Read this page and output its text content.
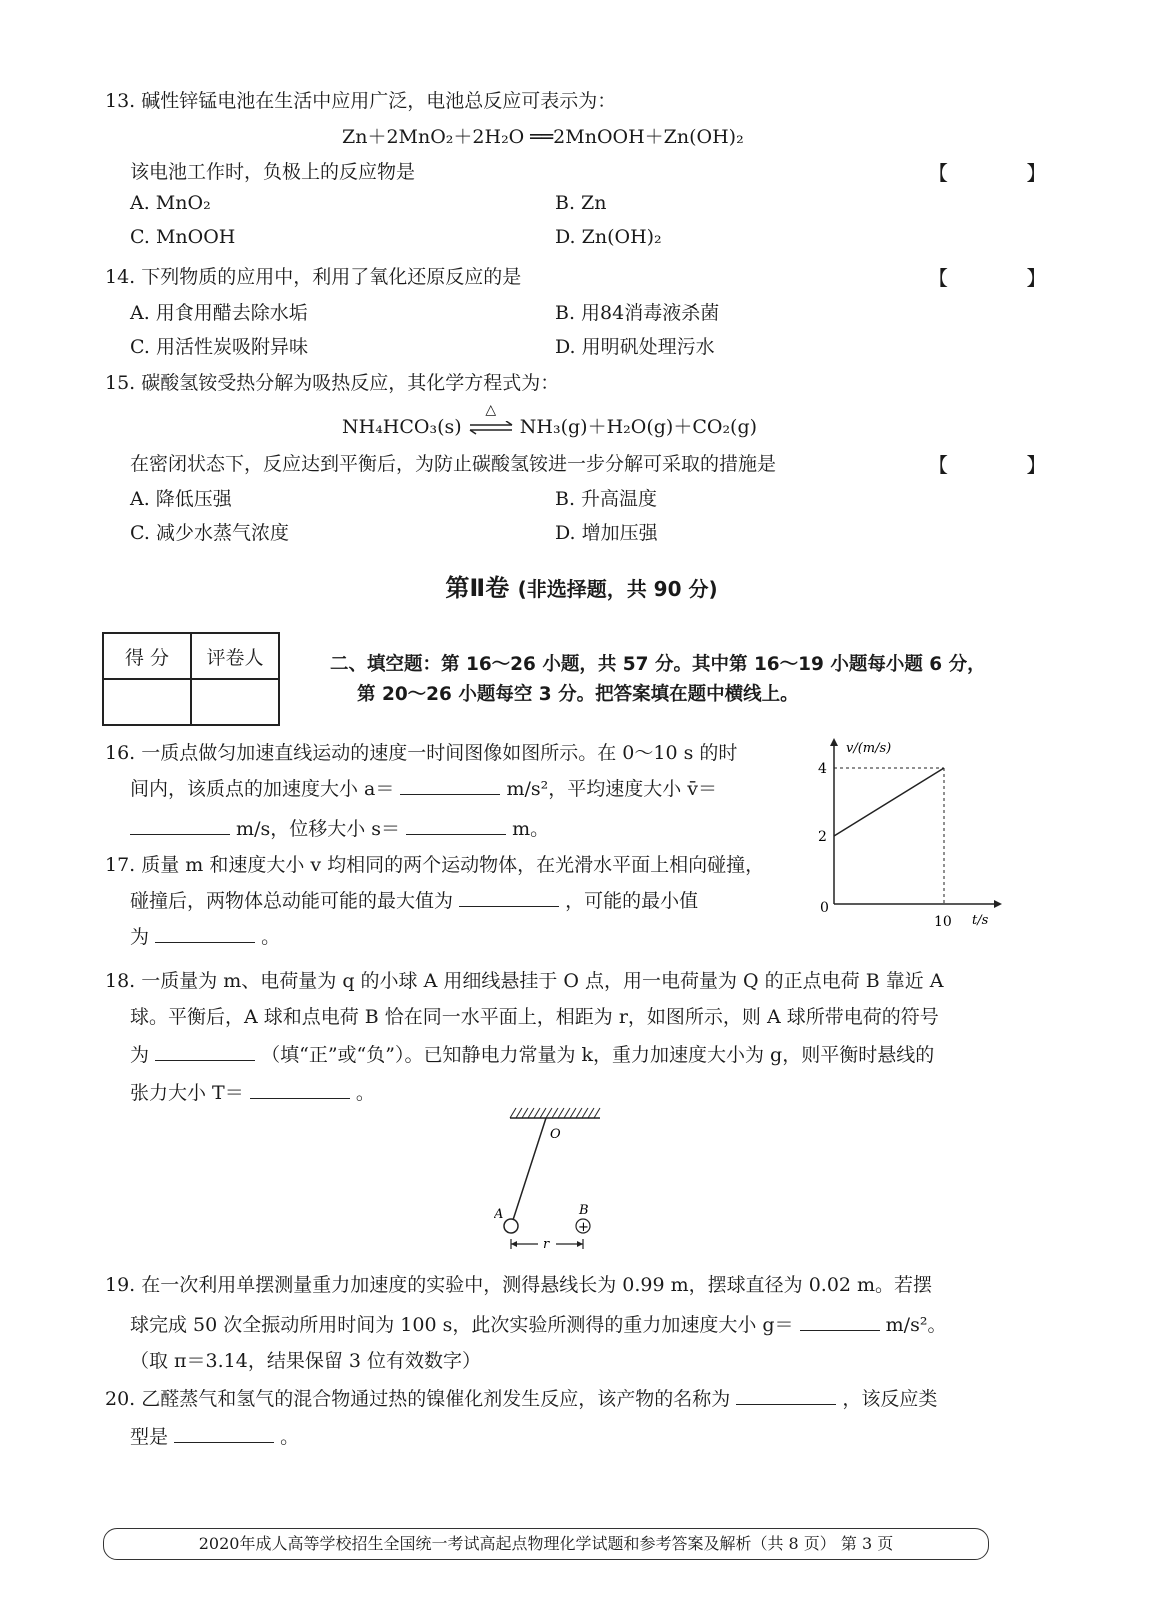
13. 碱性锌锰电池在生活中应用广泛，电池总反应可表示为：
Zn＋2MnO₂＋2H₂O ══2MnOOH＋Zn(OH)₂
该电池工作时，负极上的反应物是	【 】
A. MnO₂	B. Zn
C. MnOOH	D. Zn(OH)₂
14. 下列物质的应用中，利用了氧化还原反应的是	【 】
A. 用食用醋去除水垢	B. 用84消毒液杀菌
C. 用活性炭吸附异味	D. 用明矾处理污水
15. 碳酸氢铵受热分解为吸热反应，其化学方程式为：
NH₄HCO₃(s)
△
NH₃(g)＋H₂O(g)＋CO₂(g)
在密闭状态下，反应达到平衡后，为防止碳酸氢铵进一步分解可采取的措施是	【 】
A. 降低压强	B. 升高温度
C. 减少水蒸气浓度	D. 增加压强
第Ⅱ卷 (非选择题，共 90 分)
得 分	评卷人
		二、填空题：第 16～26 小题，共 57 分。其中第 16～19 小题每小题 6 分，
第 20～26 小题每空 3 分。把答案填在题中横线上。
16. 一质点做匀加速直线运动的速度一时间图像如图所示。在 0～10 s 的时
间内，该质点的加速度大小 a＝	m/s²，平均速度大小 v̄＝
m/s，位移大小 s＝	m。	2
4
10
v/(m/s)
t/s
0
17. 质量 m 和速度大小 v 均相同的两个运动物体，在光滑水平面上相向碰撞，
碰撞后，两物体总动能可能的最大值为	，可能的最小值
为	。
18. 一质量为 m、电荷量为 q 的小球 A 用细线悬挂于 O 点，用一电荷量为 Q 的正点电荷 B 靠近 A
球。平衡后，A 球和点电荷 B 恰在同一水平面上，相距为 r，如图所示，则 A 球所带电荷的符号
为	（填“正”或“负”）。已知静电力常量为 k，重力加速度大小为 g，则平衡时悬线的
张力大小 T＝	。
+
O
A	B
r
19. 在一次利用单摆测量重力加速度的实验中，测得悬线长为 0.99 m，摆球直径为 0.02 m。若摆
球完成 50 次全振动所用时间为 100 s，此次实验所测得的重力加速度大小 g＝	m/s²。
（取 π＝3.14，结果保留 3 位有效数字）
20. 乙醛蒸气和氢气的混合物通过热的镍催化剂发生反应，该产物的名称为	，该反应类
型是	。
2020年成人高等学校招生全国统一考试高起点物理化学试题和参考答案及解析（共 8 页） 第 3 页
